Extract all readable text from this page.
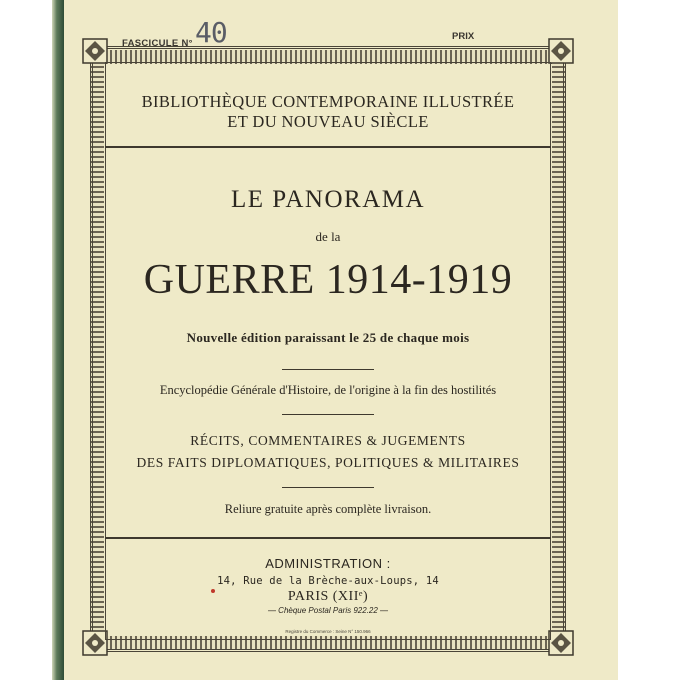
FASCICULE N° 40	PRIX
BIBLIOTHÈQUE CONTEMPORAINE ILLUSTRÉE
ET DU NOUVEAU SIÈCLE
LE PANORAMA
de la
GUERRE 1914-1919
Nouvelle édition paraissant le 25 de chaque mois
Encyclopédie Générale d'Histoire, de l'origine à la fin des hostilités
RÉCITS, COMMENTAIRES & JUGEMENTS
DES FAITS DIPLOMATIQUES, POLITIQUES & MILITAIRES
Reliure gratuite après complète livraison.
ADMINISTRATION :
14, Rue de la Brèche-aux-Loups, 14
PARIS (XIIᵉ)
— Chèque Postal Paris 922.22 —
Registre du Commerce : Seine N° 150.966
